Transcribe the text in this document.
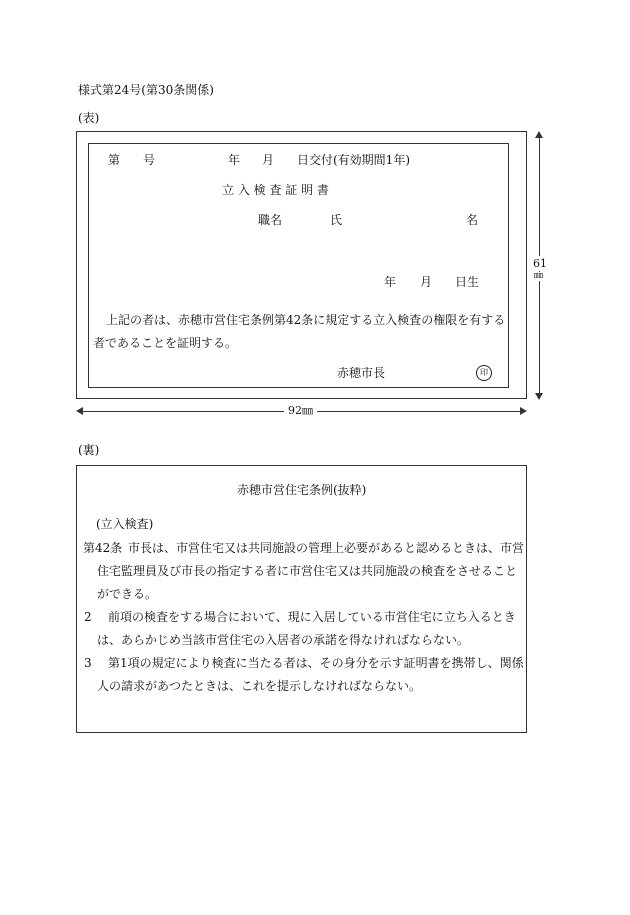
様式第24号(第30条関係)
(表)
第 号	年 月 日交付(有効期間1年)
立 入 検 査 証 明 書
職名	氏	名
年 月 日生
上記の者は、赤穂市営住宅条例第42条に規定する立入検査の権限を有する
者であることを証明する。
赤穂市長	印
61
㎜
92㎜
(裏)
赤穂市営住宅条例(抜粋)
(立入検査)
第42条 市長は、市営住宅又は共同施設の管理上必要があると認めるときは、市営
住宅監理員及び市長の指定する者に市営住宅又は共同施設の検査をさせること
ができる。
2 前項の検査をする場合において、現に入居している市営住宅に立ち入るとき
は、あらかじめ当該市営住宅の入居者の承諾を得なければならない。
3 第1項の規定により検査に当たる者は、その身分を示す証明書を携帯し、関係
人の請求があつたときは、これを提示しなければならない。
